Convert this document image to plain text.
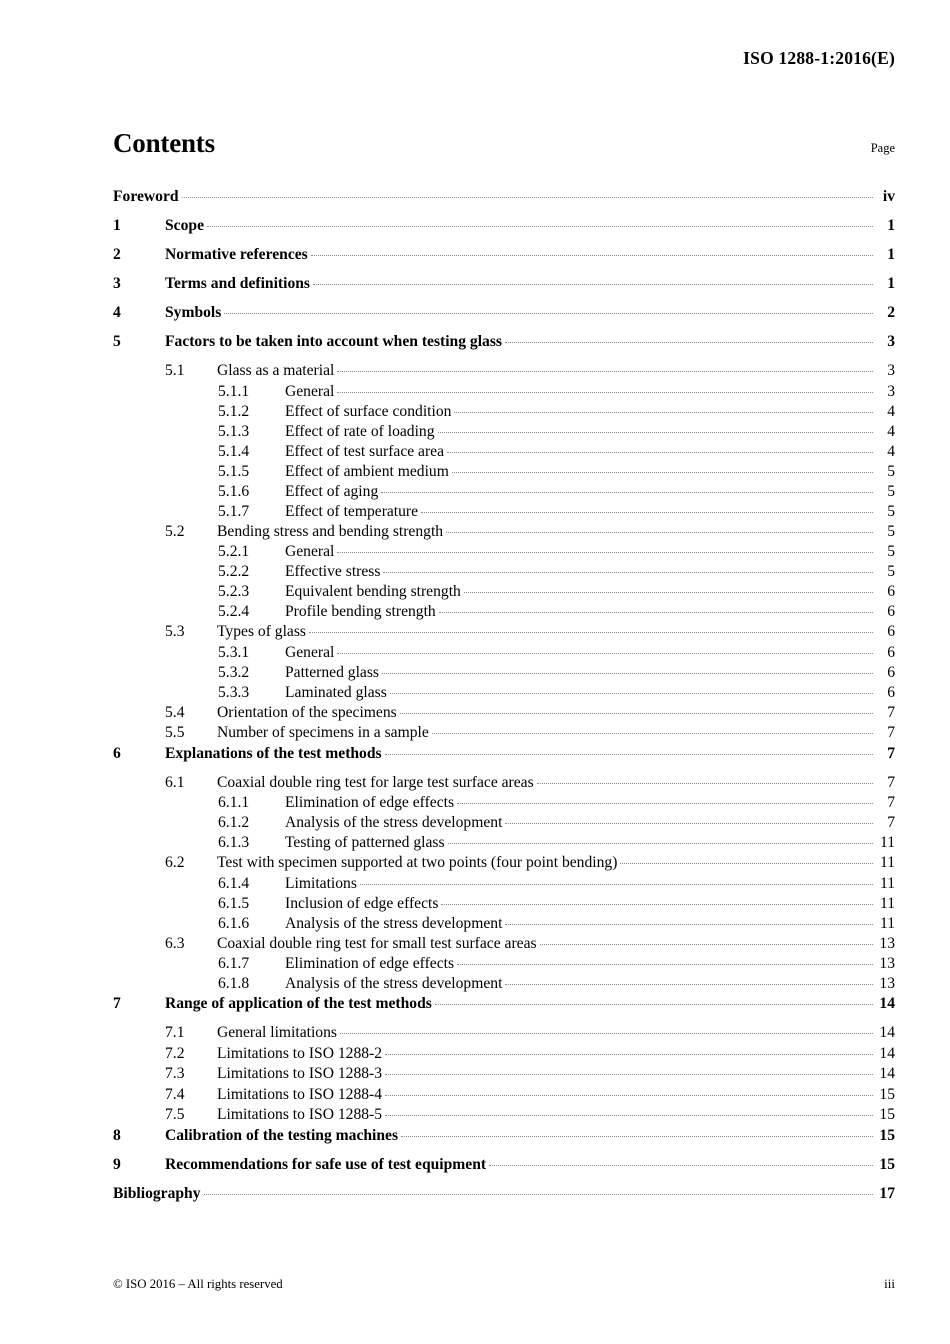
ISO 1288-1:2016(E)
Contents	Page
Foreword	iv
1	Scope	1
2	Normative references	1
3	Terms and definitions	1
4	Symbols	2
5	Factors to be taken into account when testing glass	3
5.1	Glass as a material	3
5.1.1	General	3
5.1.2	Effect of surface condition	4
5.1.3	Effect of rate of loading	4
5.1.4	Effect of test surface area	4
5.1.5	Effect of ambient medium	5
5.1.6	Effect of aging	5
5.1.7	Effect of temperature	5
5.2	Bending stress and bending strength	5
5.2.1	General	5
5.2.2	Effective stress	5
5.2.3	Equivalent bending strength	6
5.2.4	Profile bending strength	6
5.3	Types of glass	6
5.3.1	General	6
5.3.2	Patterned glass	6
5.3.3	Laminated glass	6
5.4	Orientation of the specimens	7
5.5	Number of specimens in a sample	7
6	Explanations of the test methods	7
6.1	Coaxial double ring test for large test surface areas	7
6.1.1	Elimination of edge effects	7
6.1.2	Analysis of the stress development	7
6.1.3	Testing of patterned glass	11
6.2	Test with specimen supported at two points (four point bending)	11
6.1.4	Limitations	11
6.1.5	Inclusion of edge effects	11
6.1.6	Analysis of the stress development	11
6.3	Coaxial double ring test for small test surface areas	13
6.1.7	Elimination of edge effects	13
6.1.8	Analysis of the stress development	13
7	Range of application of the test methods	14
7.1	General limitations	14
7.2	Limitations to ISO 1288-2	14
7.3	Limitations to ISO 1288-3	14
7.4	Limitations to ISO 1288-4	15
7.5	Limitations to ISO 1288-5	15
8	Calibration of the testing machines	15
9	Recommendations for safe use of test equipment	15
Bibliography	17
© ISO 2016 – All rights reserved	iii
